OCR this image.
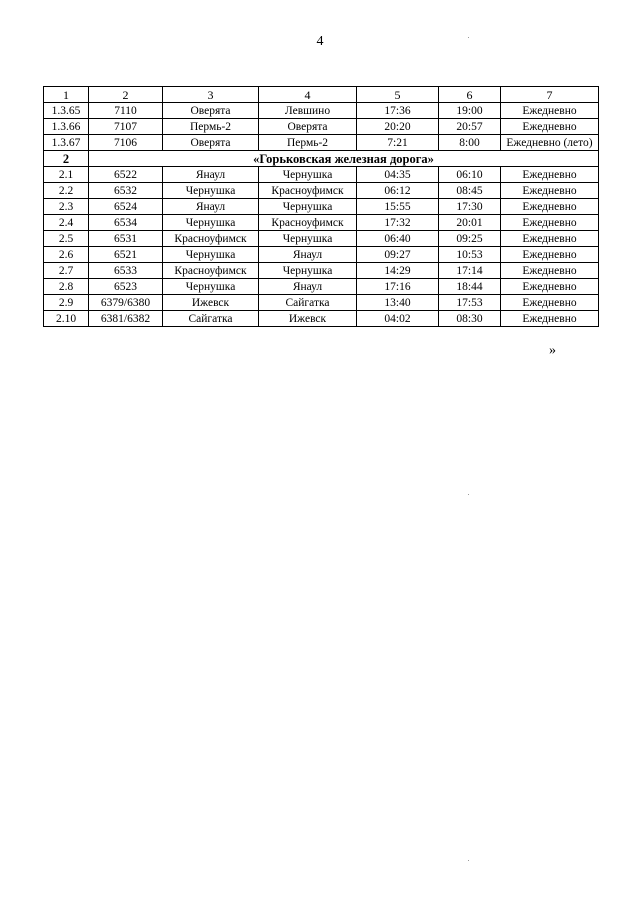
4
1	2	3	4	5	6	7
1.3.65	7110	Оверята	Левшино	17:36	19:00	Ежедневно
1.3.66	7107	Пермь-2	Оверята	20:20	20:57	Ежедневно
1.3.67	7106	Оверята	Пермь-2	7:21	8:00	Ежедневно (лето)
2	«Горьковская железная дорога»					
2.1	6522	Янаул	Чернушка	04:35	06:10	Ежедневно
2.2	6532	Чернушка	Красноуфимск	06:12	08:45	Ежедневно
2.3	6524	Янаул	Чернушка	15:55	17:30	Ежедневно
2.4	6534	Чернушка	Красноуфимск	17:32	20:01	Ежедневно
2.5	6531	Красноуфимск	Чернушка	06:40	09:25	Ежедневно
2.6	6521	Чернушка	Янаул	09:27	10:53	Ежедневно
2.7	6533	Красноуфимск	Чернушка	14:29	17:14	Ежедневно
2.8	6523	Чернушка	Янаул	17:16	18:44	Ежедневно
2.9	6379/6380	Ижевск	Сайгатка	13:40	17:53	Ежедневно
2.10	6381/6382	Сайгатка	Ижевск	04:02	08:30	Ежедневно
»
